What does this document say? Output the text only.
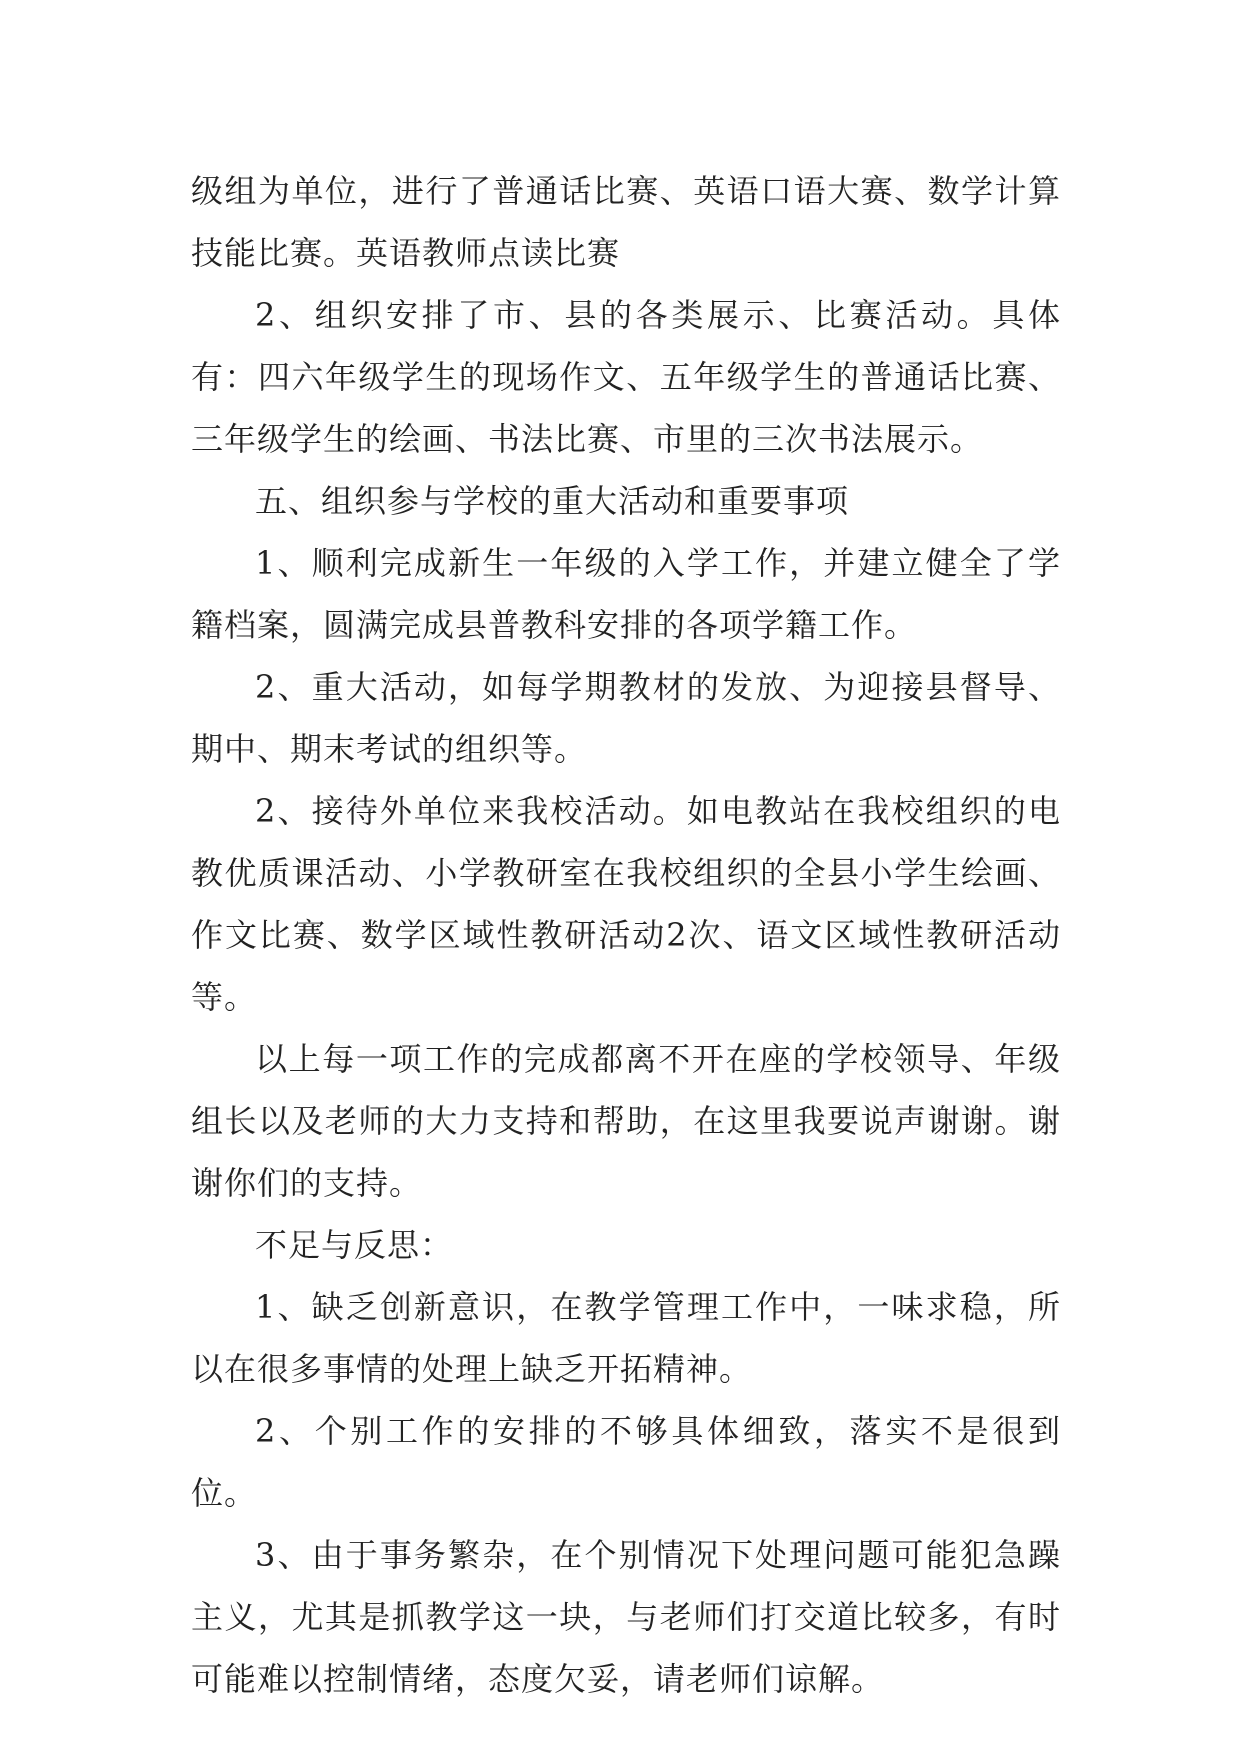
级组为单位，进行了普通话比赛、英语口语大赛、数学计算技能比赛。英语教师点读比赛

2、组织安排了市、县的各类展示、比赛活动。具体有：四六年级学生的现场作文、五年级学生的普通话比赛、三年级学生的绘画、书法比赛、市里的三次书法展示。

五、组织参与学校的重大活动和重要事项

1、顺利完成新生一年级的入学工作，并建立健全了学籍档案，圆满完成县普教科安排的各项学籍工作。

2、重大活动，如每学期教材的发放、为迎接县督导、期中、期末考试的组织等。

2、接待外单位来我校活动。如电教站在我校组织的电教优质课活动、小学教研室在我校组织的全县小学生绘画、作文比赛、数学区域性教研活动2次、语文区域性教研活动等。

以上每一项工作的完成都离不开在座的学校领导、年级组长以及老师的大力支持和帮助，在这里我要说声谢谢。谢谢你们的支持。

不足与反思：

1、缺乏创新意识，在教学管理工作中，一味求稳，所以在很多事情的处理上缺乏开拓精神。

2、个别工作的安排的不够具体细致，落实不是很到位。

3、由于事务繁杂，在个别情况下处理问题可能犯急躁主义，尤其是抓教学这一块，与老师们打交道比较多，有时可能难以控制情绪，态度欠妥，请老师们谅解。
